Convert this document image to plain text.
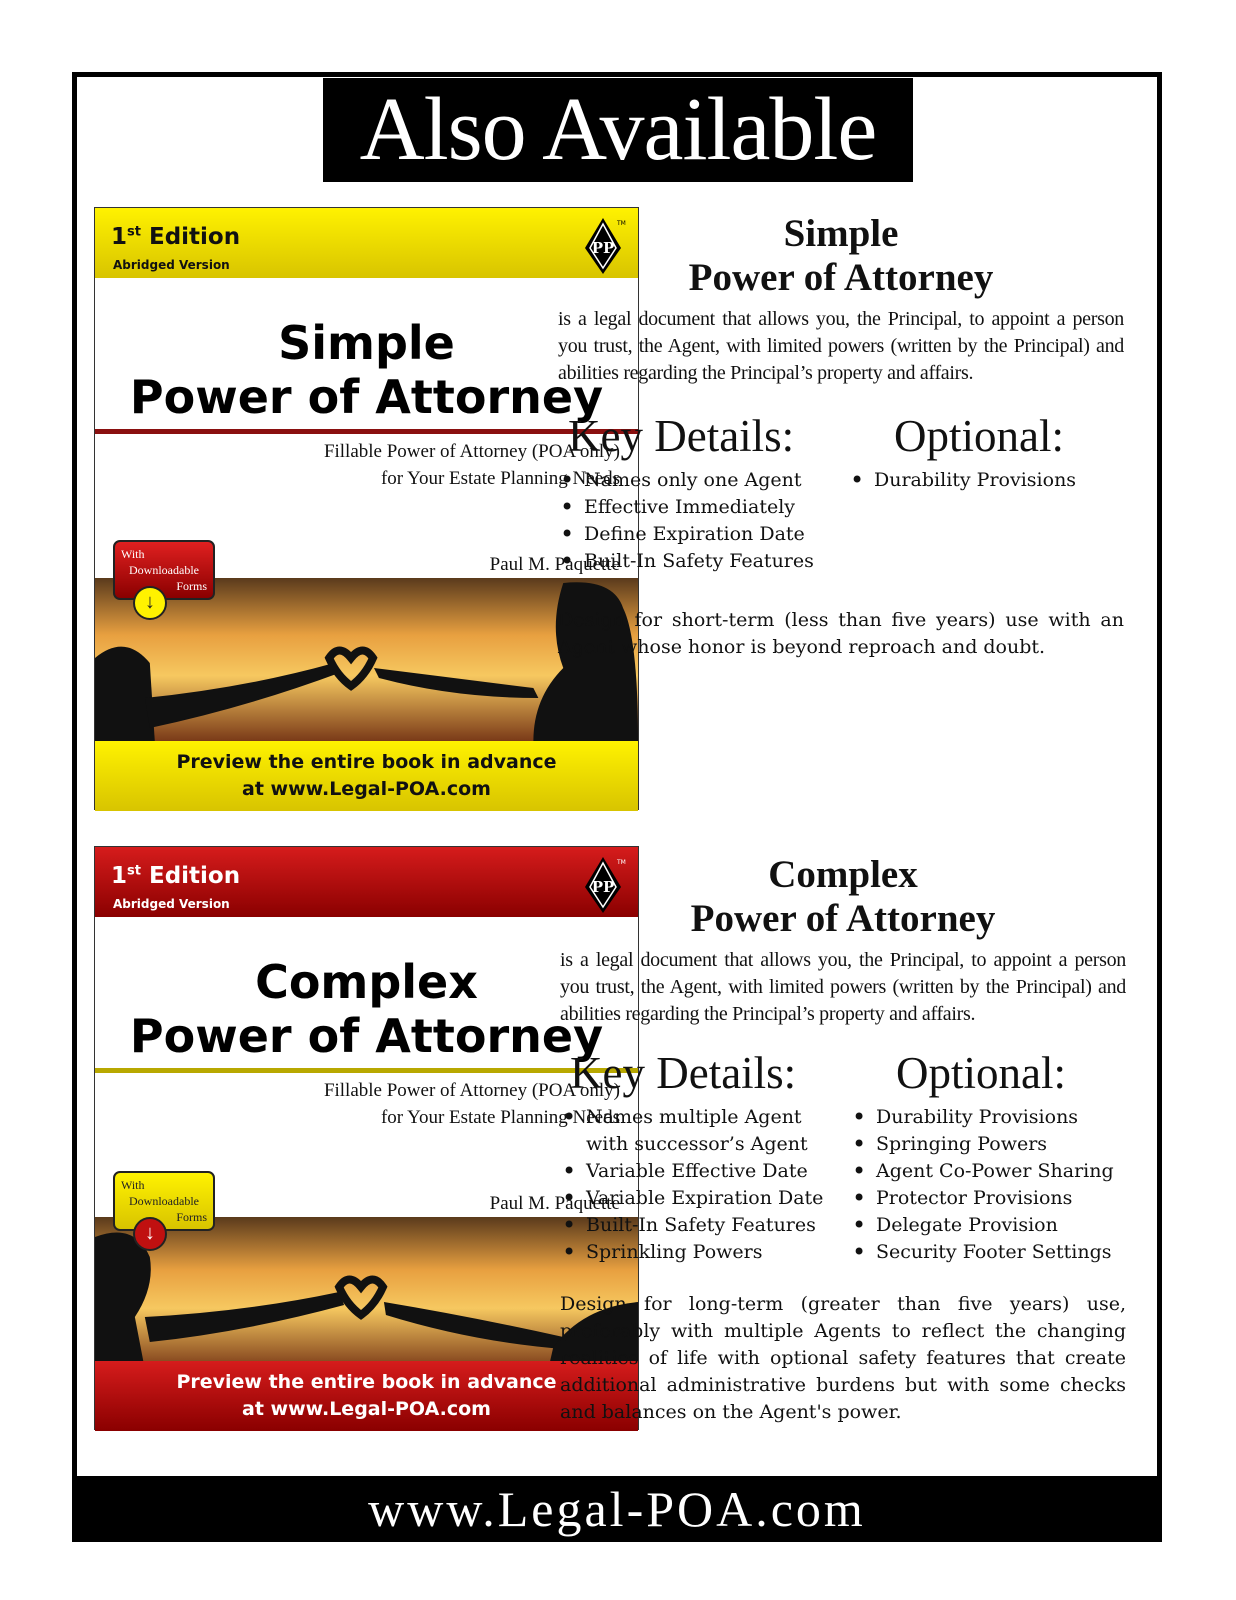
Also Available
1st Edition
Abridged Version
PP
TM
Simple
Power of Attorney
Fillable Power of Attorney (POA only)
for Your Estate Planning Needs
Paul M. Paquette
With
Downloadable
Forms
↓
Preview the entire book in advance
at www.Legal-POA.com
Simple
Power of Attorney
is a legal document that allows you, the Principal, to appoint a person you trust, the Agent, with limited powers (written by the Principal) and abilities regarding the Principal’s property and affairs.
Key Details:
• Names only one Agent
• Effective Immediately
• Define Expiration Date
• Built-In Safety Features
Optional:
• Durability Provisions
Design for short-term (less than five years) use with an Agent whose honor is beyond reproach and doubt.
1st Edition
Abridged Version
PP
TM
Complex
Power of Attorney
Fillable Power of Attorney (POA only)
for Your Estate Planning Needs
Paul M. Paquette
With
Downloadable
Forms
↓
Preview the entire book in advance
at www.Legal-POA.com
Complex
Power of Attorney
is a legal document that allows you, the Principal, to appoint a person you trust, the Agent, with limited powers (written by the Principal) and abilities regarding the Principal’s property and affairs.
Key Details:
• Names multiple Agent
with successor’s Agent
• Variable Effective Date
• Variable Expiration Date
• Built-In Safety Features
• Sprinkling Powers
Optional:
• Durability Provisions
• Springing Powers
• Agent Co-Power Sharing
• Protector Provisions
• Delegate Provision
• Security Footer Settings
Design for long-term (greater than five years) use, preferably with multiple Agents to reflect the changing realities of life with optional safety features that create additional administrative burdens but with some checks and balances on the Agent's power.
www.Legal-POA.com
